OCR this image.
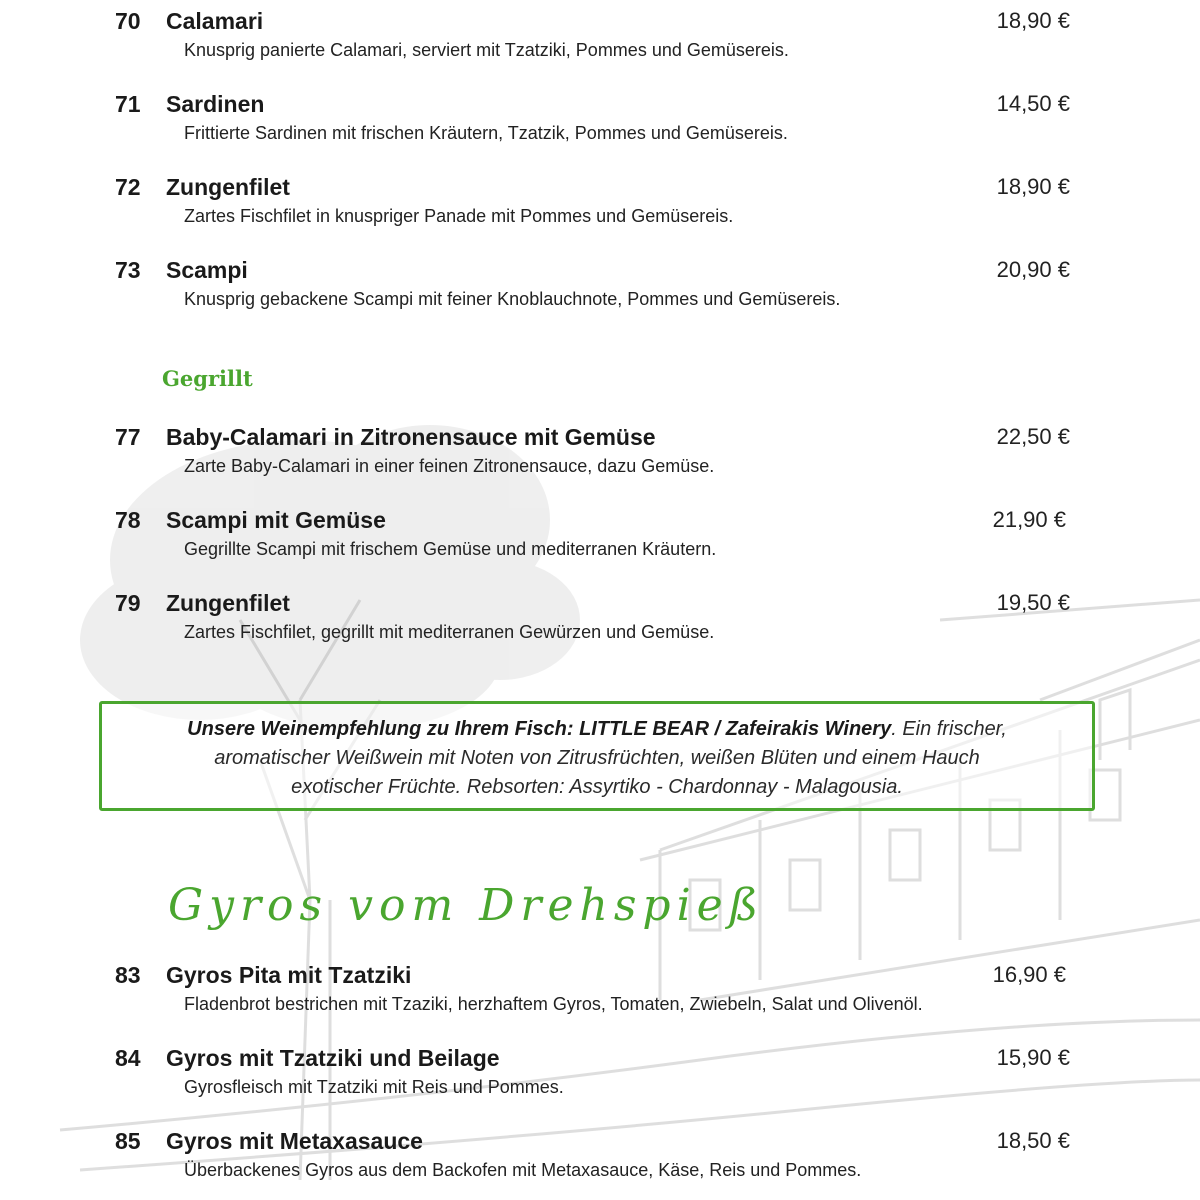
70 Calamari	18,90 €
Knusprig panierte Calamari, serviert mit Tzatziki, Pommes und Gemüsereis.
71 Sardinen	14,50 €
Frittierte Sardinen mit frischen Kräutern, Tzatzik, Pommes und Gemüsereis.
72 Zungenfilet	18,90 €
Zartes Fischfilet in knuspriger Panade mit Pommes und Gemüsereis.
73 Scampi	20,90 €
Knusprig gebackene Scampi mit feiner Knoblauchnote, Pommes und Gemüsereis.
Gegrillt
77 Baby-Calamari in Zitronensauce mit Gemüse	22,50 €
Zarte Baby-Calamari in einer feinen Zitronensauce, dazu Gemüse.
78 Scampi mit Gemüse	21,90 €
Gegrillte Scampi mit frischem Gemüse und mediterranen Kräutern.
79 Zungenfilet	19,50 €
Zartes Fischfilet, gegrillt mit mediterranen Gewürzen und Gemüse.
Unsere Weinempfehlung zu Ihrem Fisch: LITTLE BEAR / Zafeirakis Winery. Ein frischer,
aromatischer Weißwein mit Noten von Zitrusfrüchten, weißen Blüten und einem Hauch
exotischer Früchte. Rebsorten: Assyrtiko - Chardonnay - Malagousia.
Gyros vom Drehspieß
83 Gyros Pita mit Tzatziki	16,90 €
Fladenbrot bestrichen mit Tzaziki, herzhaftem Gyros, Tomaten, Zwiebeln, Salat und Olivenöl.
84 Gyros mit Tzatziki und Beilage	15,90 €
Gyrosfleisch mit Tzatziki mit Reis und Pommes.
85 Gyros mit Metaxasauce	18,50 €
Überbackenes Gyros aus dem Backofen mit Metaxasauce, Käse, Reis und Pommes.
